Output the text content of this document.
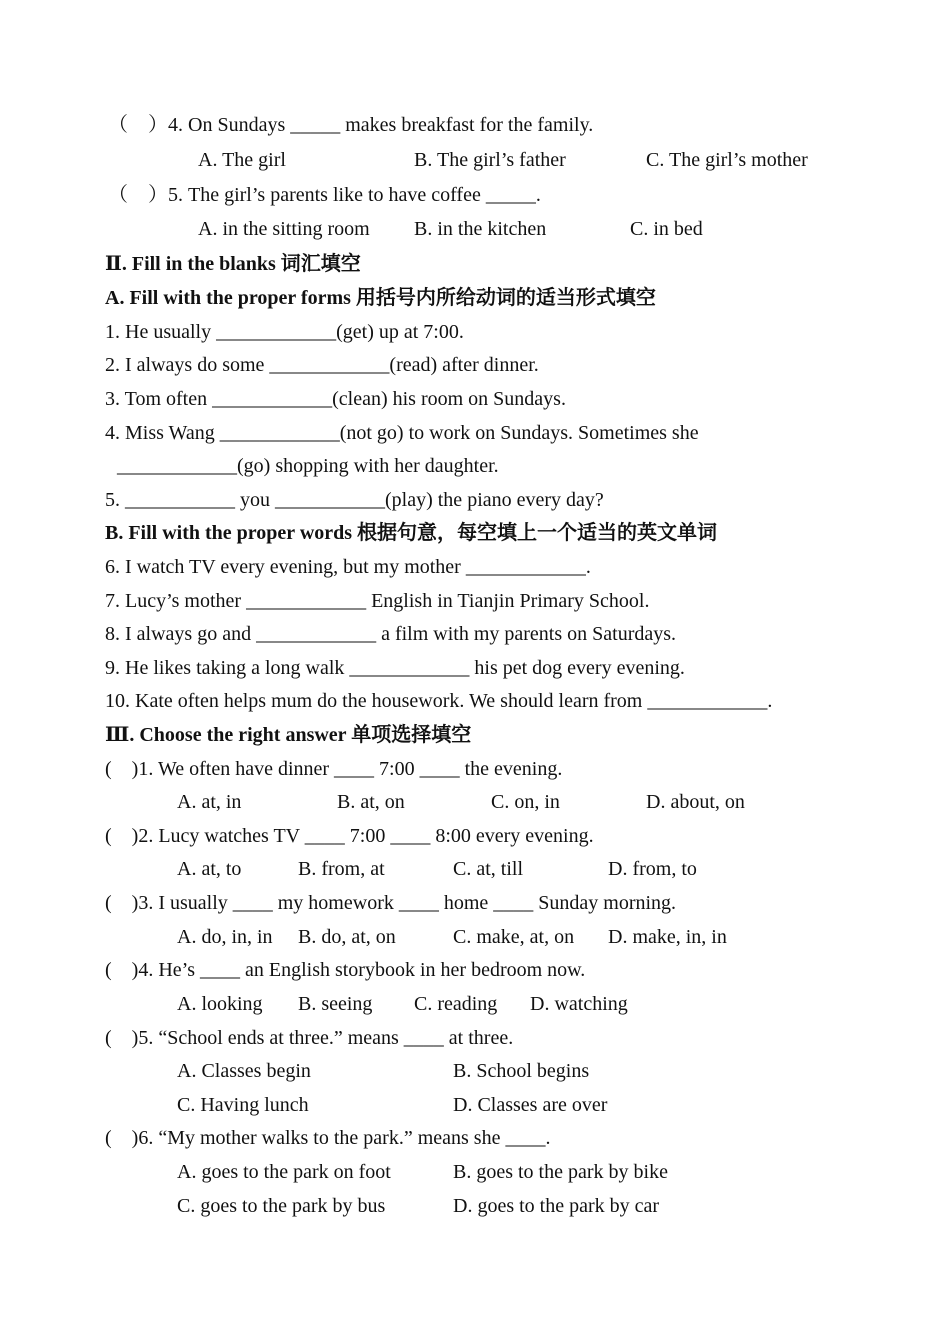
（    ）4. On Sundays _____ makes breakfast for the family.

A. The girl

	B. The girl’s father

	C. The girl’s mother

（    ）5. The girl’s parents like to have coffee _____.

A. in the sitting room

B. in the kitchen

	C. in bed

Ⅱ. Fill in the blanks 词汇填空

A. Fill with the proper forms 用括号内所给动词的适当形式填空

1. He usually ____________(get) up at 7:00.

2. I always do some ____________(read) after dinner.

3. Tom often ____________(clean) his room on Sundays.

4. Miss Wang ____________(not go) to work on Sundays. Sometimes she

____________(go) shopping with her daughter.

5. ___________ you ___________(play) the piano every day?

B. Fill with the proper words 根据句意，每空填上一个适当的英文单词

6. I watch TV every evening, but my mother ____________.

7. Lucy’s mother ____________ English in Tianjin Primary School.

8. I always go and ____________ a film with my parents on Saturdays.

9. He likes taking a long walk ____________ his pet dog every evening.

10. Kate often helps mum do the housework. We should learn from ____________.

Ⅲ. Choose the right answer 单项选择填空

(    )1. We often have dinner ____ 7:00 ____ the evening.

A. at, in

	B. at, on

	C. on, in

	D. about, on

(    )2. Lucy watches TV ____ 7:00 ____ 8:00 every evening.

A. at, to

	B. from, at

	C. at, till

	D. from, to

(    )3. I usually ____ my homework ____ home ____ Sunday morning.

A. do, in, in

B. do, at, on

	C. make, at, on

D. make, in, in

(    )4. He’s ____ an English storybook in her bedroom now.

A. looking

B. seeing

C. reading

D. watching

(    )5. “School ends at three.” means ____ at three.

A. Classes begin

	B. School begins

C. Having lunch

	D. Classes are over

(    )6. “My mother walks to the park.” means she ____.

A. goes to the park on foot

	B. goes to the park by bike

C. goes to the park by bus

	D. goes to the park by car
